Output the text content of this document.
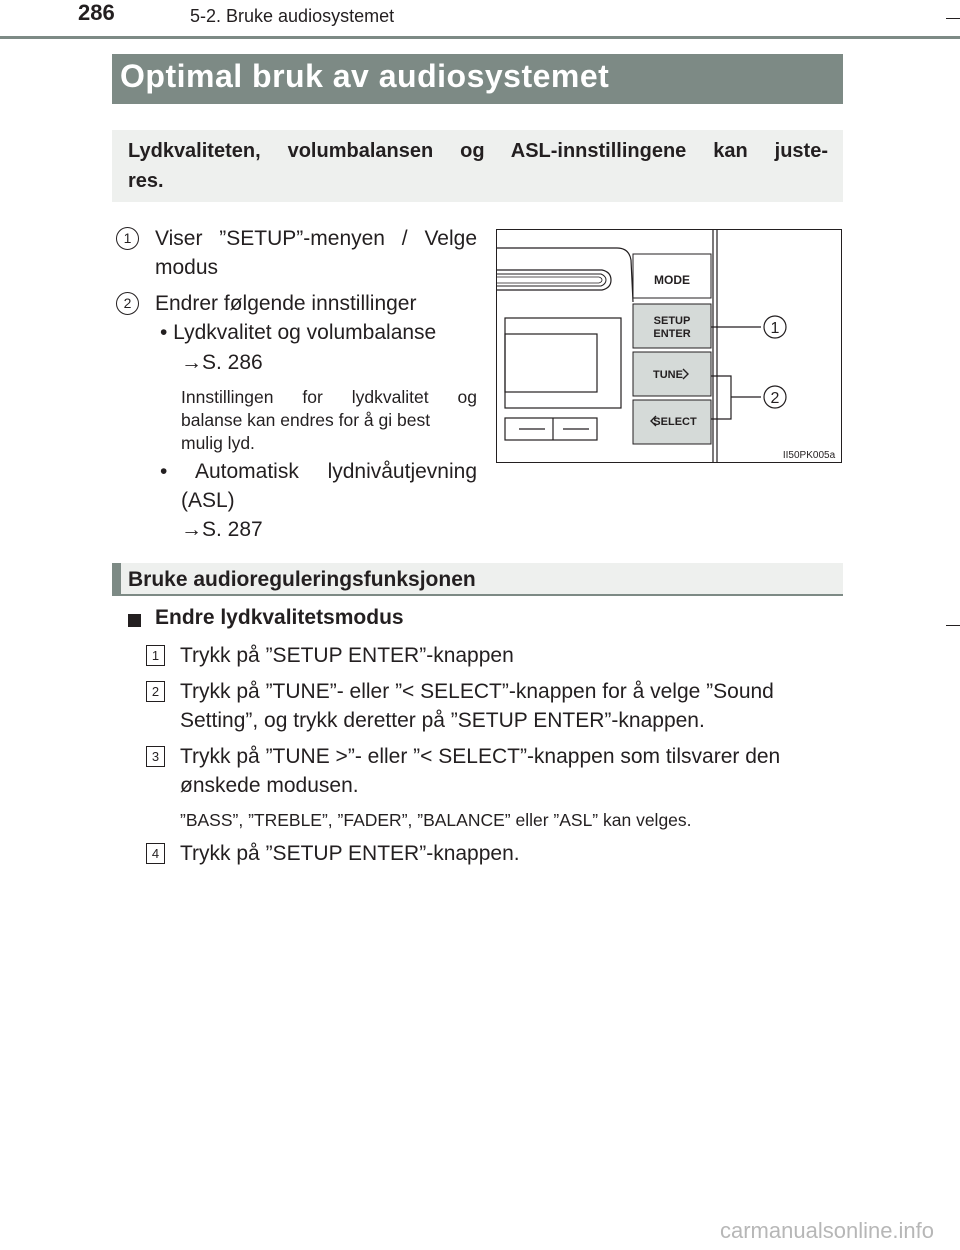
286	5-2. Bruke audiosystemet
Optimal bruk av audiosystemet
Lydkvaliteten, volumbalansen og ASL-innstillingene kan juste-
res.
1	Viser ”SETUP”-menyen / Velge
modus
2	Endrer følgende innstillinger
• Lydkvalitet og volumbalanse
→S. 286
Innstillingen for lydkvalitet og
balanse kan endres for å gi best
mulig lyd.
• Automatisk lydnivåutjevning
(ASL)
→S. 287
MODE
SETUP
ENTER
TUNE
SELECT
1
2
II50PK005a
Bruke audioreguleringsfunksjonen
Endre lydkvalitetsmodus
1 Trykk på ”SETUP ENTER”-knappen
2 Trykk på ”TUNE”- eller ”< SELECT”-knappen for å velge ”Sound
Setting”, og trykk deretter på ”SETUP ENTER”-knappen.
3 Trykk på ”TUNE >”- eller ”< SELECT”-knappen som tilsvarer den
ønskede modusen.
”BASS”, ”TREBLE”, ”FADER”, ”BALANCE” eller ”ASL” kan velges.
4 Trykk på ”SETUP ENTER”-knappen.
carmanualsonline.info
